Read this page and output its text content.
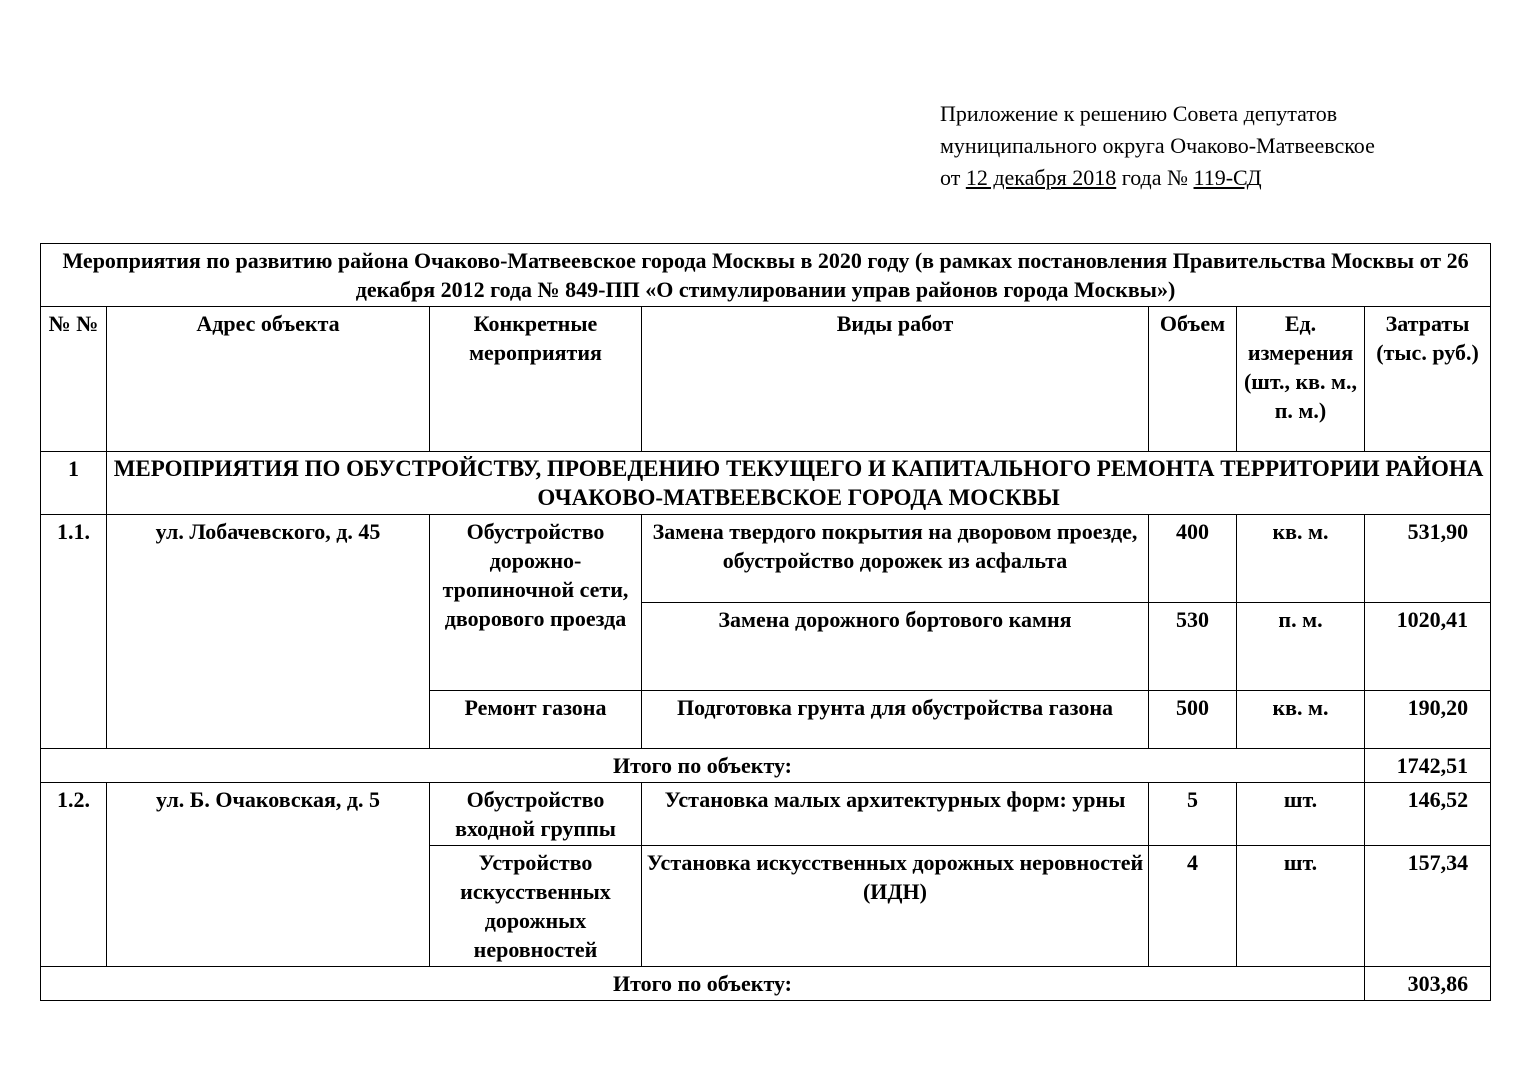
Приложение к решению Совета депутатов
муниципального округа Очаково-Матвеевское
от 12 декабря 2018 года № 119-СД
Мероприятия по развитию района Очаково-Матвеевское города Москвы в 2020 году (в рамках постановления Правительства Москвы от 26 декабря 2012 года № 849-ПП «О стимулировании управ районов города Москвы»)						
№ №	Адрес объекта	Конкретные мероприятия	Виды работ	Объем	Ед. измерения (шт., кв. м., п. м.)	Затраты (тыс. руб.)
1	МЕРОПРИЯТИЯ ПО ОБУСТРОЙСТВУ, ПРОВЕДЕНИЮ ТЕКУЩЕГО И КАПИТАЛЬНОГО РЕМОНТА ТЕРРИТОРИИ РАЙОНА ОЧАКОВО-МАТВЕЕВСКОЕ ГОРОДА МОСКВЫ					
1.1.	ул. Лобачевского, д. 45	Обустройство дорожно-тропиночной сети, дворового проезда	Замена твердого покрытия на дворовом проезде, обустройство дорожек из асфальта	400	кв. м.	531,90
			Замена дорожного бортового камня	530	п. м.	1020,41
		Ремонт газона	Подготовка грунта для обустройства газона	500	кв. м.	190,20
Итого по объекту:						1742,51
1.2.	ул. Б. Очаковская, д. 5	Обустройство входной группы	Установка малых архитектурных форм: урны	5	шт.	146,52
		Устройство искусственных дорожных неровностей	Установка искусственных дорожных неровностей (ИДН)	4	шт.	157,34
Итого по объекту:						303,86
